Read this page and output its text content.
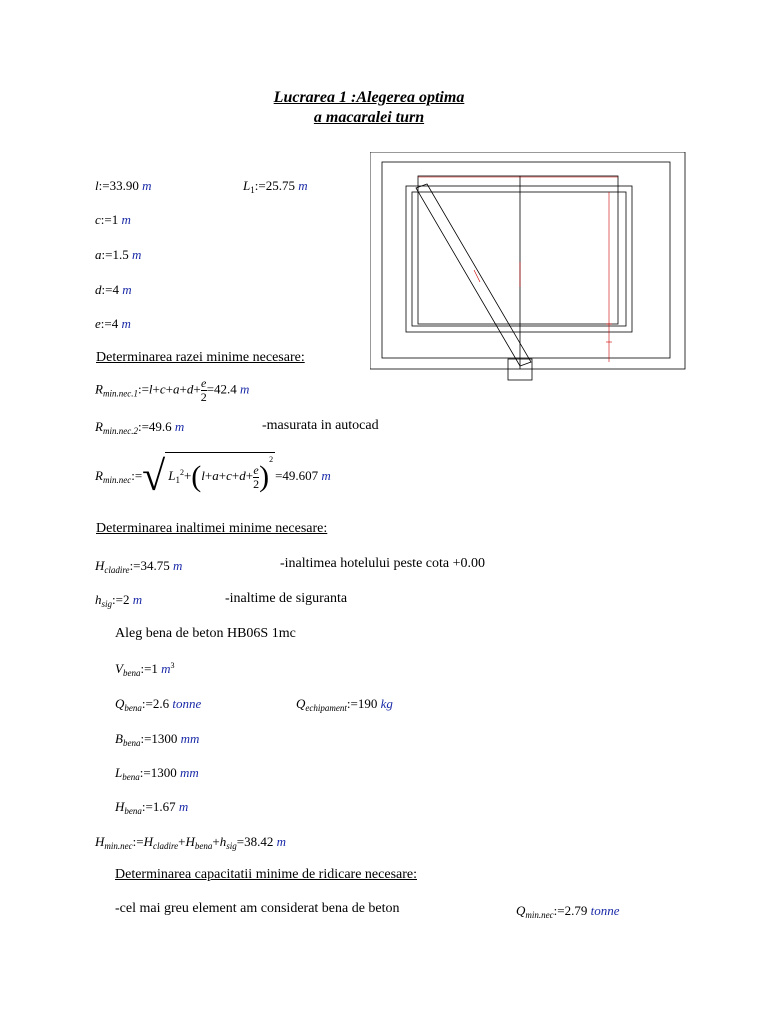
Lucrarea 1 :Alegerea optima
a macaralei turn
l:=33.90 m	$L_1:=25.75$ m
c:=1 m
a:=1.5 m
d:=4 m
e:=4 m
Determinarea razei minime necesare:
$R_{min.nec.1}:=l+c+a+d+ \frac{e}{2} =42.4$ m
$R_{min.nec.2}:=49.6$ m	-masurata in autocad
$R_{min.nec}:=√$ $L_1^2+(l+a+c+d+ \frac{e}{2} )^2=49.607$ m
Determinarea inaltimei minime necesare:
$H_{cladire}:=34.75$ m	-inaltimea hotelului peste cota +0.00
$h_{sig}:=2$ m	-inaltime de siguranta
Aleg bena de beton HB06S 1mc
$V_{bena}:=1$ $m^3$
$Q_{bena}:=2.6$ tonne	$Q_{echipament}:=190$ kg
$B_{bena}:=1300$ mm
$L_{bena}:=1300$ mm
$H_{bena}:=1.67$ m
$H_{min.nec}:=H_{cladire}+H_{bena}+h_{sig}=38.42$ m
Determinarea capacitatii minime de ridicare necesare:
-cel mai greu element am considerat bena de beton	$Q_{min.nec}:=2.79$ tonne
